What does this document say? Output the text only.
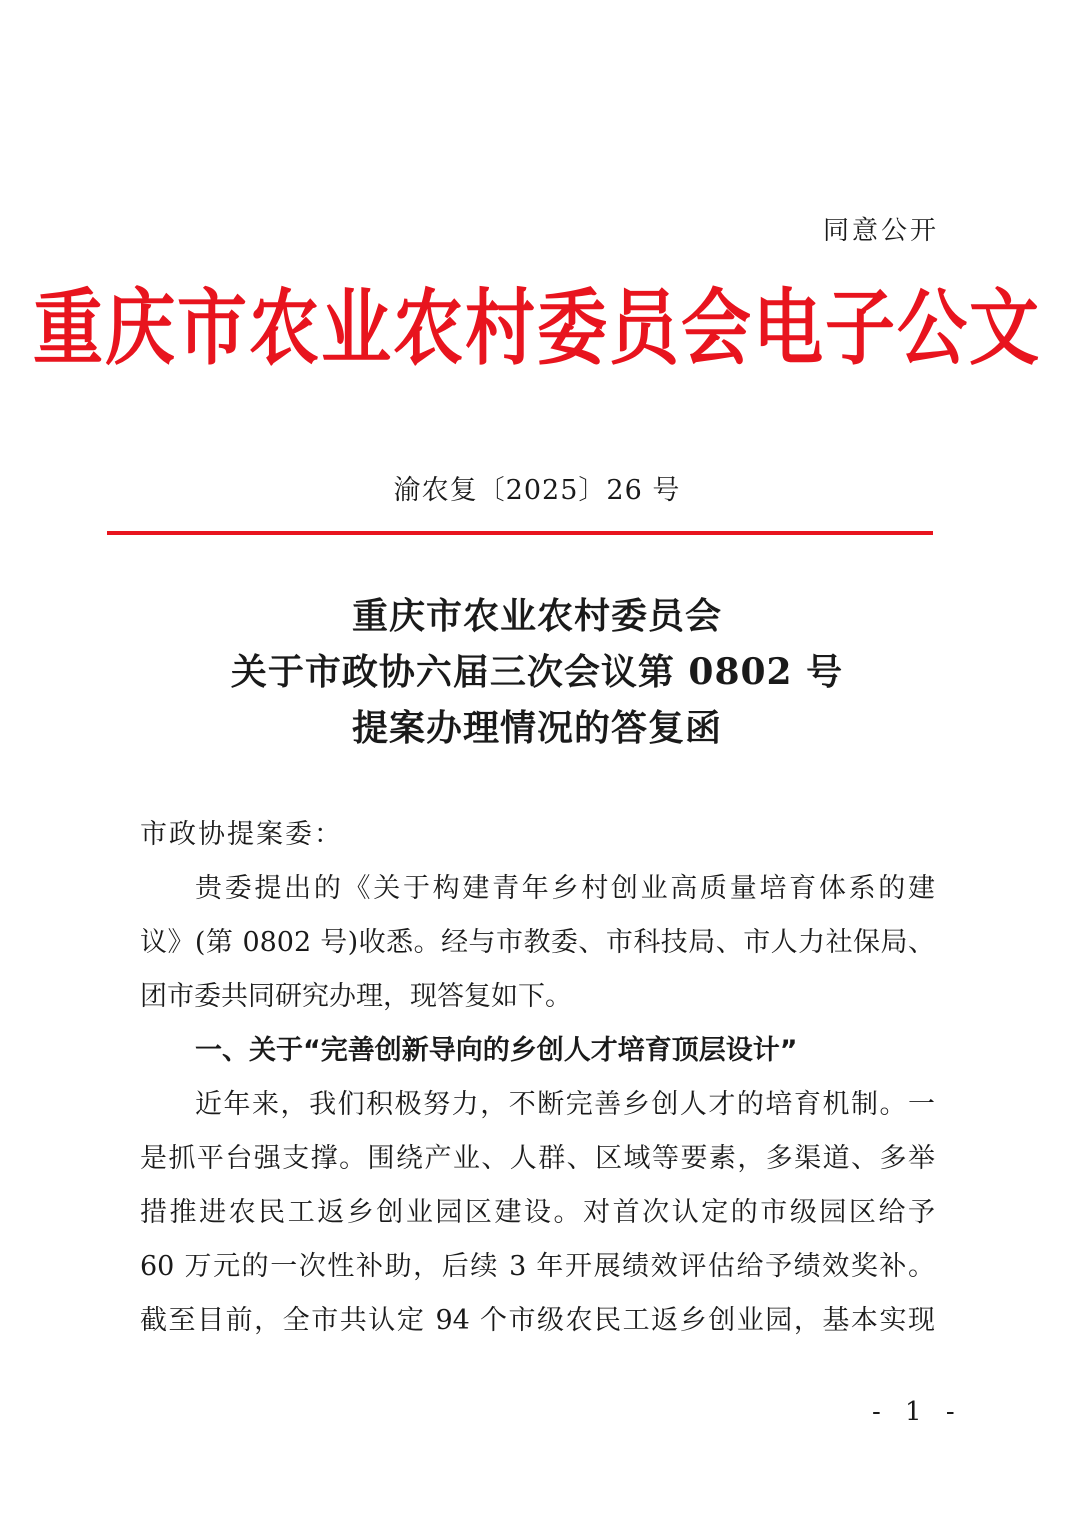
同意公开
重庆市农业农村委员会电子公文
渝农复〔2025〕26 号
重庆市农业农村委员会
关于市政协六届三次会议第 0802 号
提案办理情况的答复函
市政协提案委：
贵委提出的《关于构建青年乡村创业高质量培育体系的建
议》(第 0802 号)收悉。经与市教委、市科技局、市人力社保局、
团市委共同研究办理，现答复如下。
一、关于“完善创新导向的乡创人才培育顶层设计”
近年来，我们积极努力，不断完善乡创人才的培育机制。一
是抓平台强支撑。围绕产业、人群、区域等要素，多渠道、多举
措推进农民工返乡创业园区建设。对首次认定的市级园区给予
60 万元的一次性补助，后续 3 年开展绩效评估给予绩效奖补。
截至目前，全市共认定 94 个市级农民工返乡创业园，基本实现
- 1 -
